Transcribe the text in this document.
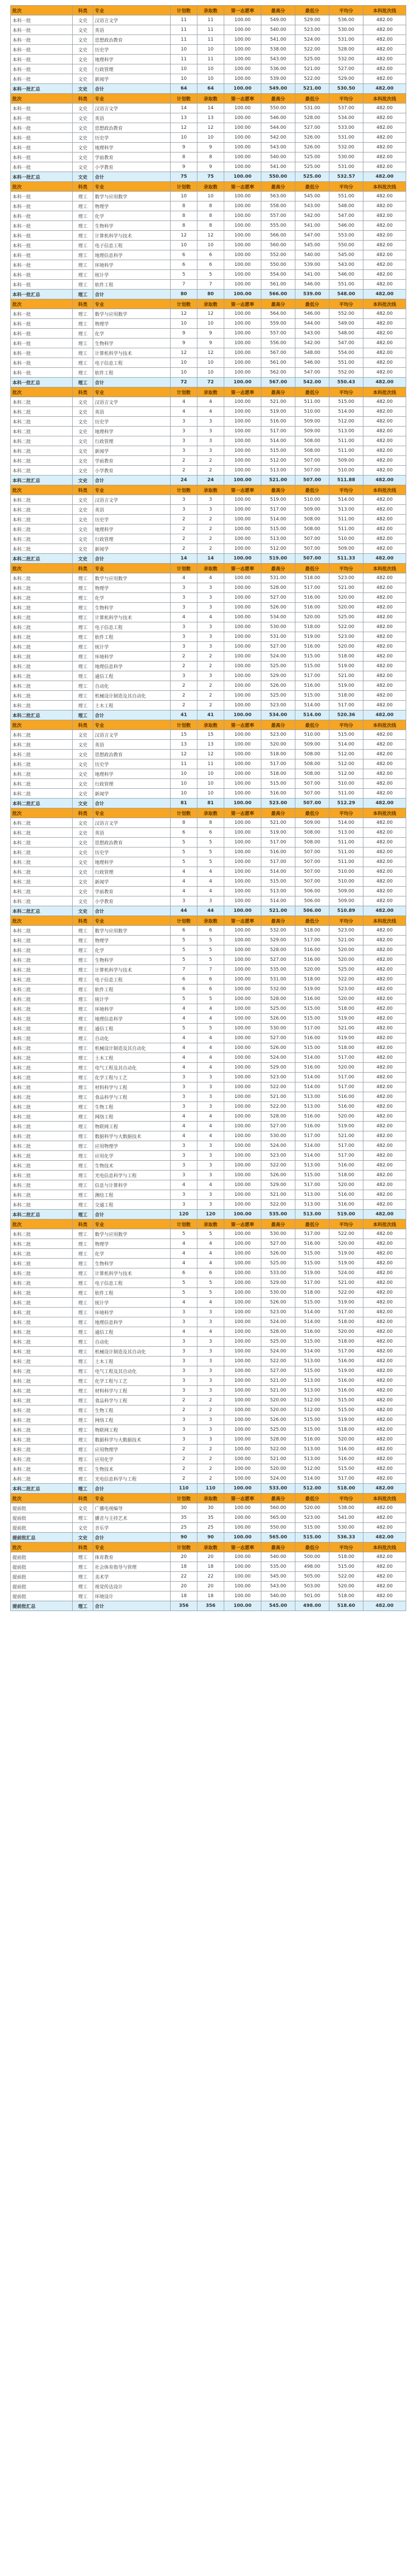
批次	科类	专业	计划数	录取数	第一志愿率	最高分	最低分	平均分	本科批次线
本科一批	文史	汉语言文学	11	11	100.00	549.00	529.00	536.00	482.00
本科一批	文史	英语	11	11	100.00	540.00	523.00	530.00	482.00
本科一批	文史	思想政治教育	11	11	100.00	541.00	524.00	531.00	482.00
本科一批	文史	历史学	10	10	100.00	538.00	522.00	528.00	482.00
本科一批	文史	地理科学	11	11	100.00	543.00	525.00	532.00	482.00
本科一批	文史	行政管理	10	10	100.00	536.00	521.00	527.00	482.00
本科一批	文史	新闻学	10	10	100.00	539.00	522.00	529.00	482.00
本科一批汇总	文史	合计	64	64	100.00	549.00	521.00	530.50	482.00
批次	科类	专业	计划数	录取数	第一志愿率	最高分	最低分	平均分	本科批次线
本科一批	文史	汉语言文学	14	14	100.00	550.00	531.00	537.00	482.00
本科一批	文史	英语	13	13	100.00	546.00	528.00	534.00	482.00
本科一批	文史	思想政治教育	12	12	100.00	544.00	527.00	533.00	482.00
本科一批	文史	历史学	10	10	100.00	542.00	526.00	531.00	482.00
本科一批	文史	地理科学	9	9	100.00	543.00	526.00	532.00	482.00
本科一批	文史	学前教育	8	8	100.00	540.00	525.00	530.00	482.00
本科一批	文史	小学教育	9	9	100.00	541.00	525.00	531.00	482.00
本科一批汇总	文史	合计	75	75	100.00	550.00	525.00	532.57	482.00
批次	科类	专业	计划数	录取数	第一志愿率	最高分	最低分	平均分	本科批次线
本科一批	理工	数学与应用数学	10	10	100.00	563.00	545.00	551.00	482.00
本科一批	理工	物理学	8	8	100.00	558.00	543.00	548.00	482.00
本科一批	理工	化学	8	8	100.00	557.00	542.00	547.00	482.00
本科一批	理工	生物科学	8	8	100.00	555.00	541.00	546.00	482.00
本科一批	理工	计算机科学与技术	12	12	100.00	566.00	547.00	553.00	482.00
本科一批	理工	电子信息工程	10	10	100.00	560.00	545.00	550.00	482.00
本科一批	理工	地理信息科学	6	6	100.00	552.00	540.00	545.00	482.00
本科一批	理工	环境科学	6	6	100.00	550.00	539.00	543.00	482.00
本科一批	理工	统计学	5	5	100.00	554.00	541.00	546.00	482.00
本科一批	理工	软件工程	7	7	100.00	561.00	546.00	551.00	482.00
本科一批汇总	理工	合计	80	80	100.00	566.00	539.00	548.00	482.00
批次	科类	专业	计划数	录取数	第一志愿率	最高分	最低分	平均分	本科批次线
本科一批	理工	数学与应用数学	12	12	100.00	564.00	546.00	552.00	482.00
本科一批	理工	物理学	10	10	100.00	559.00	544.00	549.00	482.00
本科一批	理工	化学	9	9	100.00	557.00	543.00	548.00	482.00
本科一批	理工	生物科学	9	9	100.00	556.00	542.00	547.00	482.00
本科一批	理工	计算机科学与技术	12	12	100.00	567.00	548.00	554.00	482.00
本科一批	理工	电子信息工程	10	10	100.00	561.00	546.00	551.00	482.00
本科一批	理工	软件工程	10	10	100.00	562.00	547.00	552.00	482.00
本科一批汇总	理工	合计	72	72	100.00	567.00	542.00	550.43	482.00
批次	科类	专业	计划数	录取数	第一志愿率	最高分	最低分	平均分	本科批次线
本科二批	文史	汉语言文学	4	4	100.00	521.00	511.00	515.00	482.00
本科二批	文史	英语	4	4	100.00	519.00	510.00	514.00	482.00
本科二批	文史	历史学	3	3	100.00	516.00	509.00	512.00	482.00
本科二批	文史	地理科学	3	3	100.00	517.00	509.00	513.00	482.00
本科二批	文史	行政管理	3	3	100.00	514.00	508.00	511.00	482.00
本科二批	文史	新闻学	3	3	100.00	515.00	508.00	511.00	482.00
本科二批	文史	学前教育	2	2	100.00	512.00	507.00	509.00	482.00
本科二批	文史	小学教育	2	2	100.00	513.00	507.00	510.00	482.00
本科二批汇总	文史	合计	24	24	100.00	521.00	507.00	511.88	482.00
批次	科类	专业	计划数	录取数	第一志愿率	最高分	最低分	平均分	本科批次线
本科二批	文史	汉语言文学	3	3	100.00	519.00	510.00	514.00	482.00
本科二批	文史	英语	3	3	100.00	517.00	509.00	513.00	482.00
本科二批	文史	历史学	2	2	100.00	514.00	508.00	511.00	482.00
本科二批	文史	地理科学	2	2	100.00	515.00	508.00	511.00	482.00
本科二批	文史	行政管理	2	2	100.00	513.00	507.00	510.00	482.00
本科二批	文史	新闻学	2	2	100.00	512.00	507.00	509.00	482.00
本科二批汇总	文史	合计	14	14	100.00	519.00	507.00	511.33	482.00
批次	科类	专业	计划数	录取数	第一志愿率	最高分	最低分	平均分	本科批次线
本科二批	理工	数学与应用数学	4	4	100.00	531.00	518.00	523.00	482.00
本科二批	理工	物理学	3	3	100.00	528.00	517.00	521.00	482.00
本科二批	理工	化学	3	3	100.00	527.00	516.00	520.00	482.00
本科二批	理工	生物科学	3	3	100.00	526.00	516.00	520.00	482.00
本科二批	理工	计算机科学与技术	4	4	100.00	534.00	520.00	525.00	482.00
本科二批	理工	电子信息工程	3	3	100.00	530.00	518.00	522.00	482.00
本科二批	理工	软件工程	3	3	100.00	531.00	519.00	523.00	482.00
本科二批	理工	统计学	3	3	100.00	527.00	516.00	520.00	482.00
本科二批	理工	环境科学	2	2	100.00	524.00	515.00	518.00	482.00
本科二批	理工	地理信息科学	2	2	100.00	525.00	515.00	519.00	482.00
本科二批	理工	通信工程	3	3	100.00	529.00	517.00	521.00	482.00
本科二批	理工	自动化	2	2	100.00	526.00	516.00	519.00	482.00
本科二批	理工	机械设计制造及其自动化	2	2	100.00	525.00	515.00	518.00	482.00
本科二批	理工	土木工程	2	2	100.00	523.00	514.00	517.00	482.00
本科二批汇总	理工	合计	41	41	100.00	534.00	514.00	520.36	482.00
批次	科类	专业	计划数	录取数	第一志愿率	最高分	最低分	平均分	本科批次线
本科二批	文史	汉语言文学	15	15	100.00	523.00	510.00	515.00	482.00
本科二批	文史	英语	13	13	100.00	520.00	509.00	514.00	482.00
本科二批	文史	思想政治教育	12	12	100.00	518.00	508.00	512.00	482.00
本科二批	文史	历史学	11	11	100.00	517.00	508.00	512.00	482.00
本科二批	文史	地理科学	10	10	100.00	518.00	508.00	512.00	482.00
本科二批	文史	行政管理	10	10	100.00	515.00	507.00	510.00	482.00
本科二批	文史	新闻学	10	10	100.00	516.00	507.00	511.00	482.00
本科二批汇总	文史	合计	81	81	100.00	523.00	507.00	512.29	482.00
批次	科类	专业	计划数	录取数	第一志愿率	最高分	最低分	平均分	本科批次线
本科二批	文史	汉语言文学	8	8	100.00	521.00	509.00	514.00	482.00
本科二批	文史	英语	6	6	100.00	519.00	508.00	513.00	482.00
本科二批	文史	思想政治教育	5	5	100.00	517.00	508.00	511.00	482.00
本科二批	文史	历史学	5	5	100.00	516.00	507.00	511.00	482.00
本科二批	文史	地理科学	5	5	100.00	517.00	507.00	511.00	482.00
本科二批	文史	行政管理	4	4	100.00	514.00	507.00	510.00	482.00
本科二批	文史	新闻学	4	4	100.00	515.00	507.00	510.00	482.00
本科二批	文史	学前教育	4	4	100.00	513.00	506.00	509.00	482.00
本科二批	文史	小学教育	3	3	100.00	514.00	506.00	509.00	482.00
本科二批汇总	文史	合计	44	44	100.00	521.00	506.00	510.89	482.00
批次	科类	专业	计划数	录取数	第一志愿率	最高分	最低分	平均分	本科批次线
本科二批	理工	数学与应用数学	6	6	100.00	532.00	518.00	523.00	482.00
本科二批	理工	物理学	5	5	100.00	529.00	517.00	521.00	482.00
本科二批	理工	化学	5	5	100.00	528.00	516.00	520.00	482.00
本科二批	理工	生物科学	5	5	100.00	527.00	516.00	520.00	482.00
本科二批	理工	计算机科学与技术	7	7	100.00	535.00	520.00	525.00	482.00
本科二批	理工	电子信息工程	6	6	100.00	531.00	518.00	522.00	482.00
本科二批	理工	软件工程	6	6	100.00	532.00	519.00	523.00	482.00
本科二批	理工	统计学	5	5	100.00	528.00	516.00	520.00	482.00
本科二批	理工	环境科学	4	4	100.00	525.00	515.00	518.00	482.00
本科二批	理工	地理信息科学	4	4	100.00	526.00	515.00	519.00	482.00
本科二批	理工	通信工程	5	5	100.00	530.00	517.00	521.00	482.00
本科二批	理工	自动化	4	4	100.00	527.00	516.00	519.00	482.00
本科二批	理工	机械设计制造及其自动化	4	4	100.00	526.00	515.00	518.00	482.00
本科二批	理工	土木工程	4	4	100.00	524.00	514.00	517.00	482.00
本科二批	理工	电气工程及其自动化	4	4	100.00	529.00	516.00	520.00	482.00
本科二批	理工	化学工程与工艺	3	3	100.00	523.00	514.00	517.00	482.00
本科二批	理工	材料科学与工程	3	3	100.00	522.00	514.00	517.00	482.00
本科二批	理工	食品科学与工程	3	3	100.00	521.00	513.00	516.00	482.00
本科二批	理工	生物工程	3	3	100.00	522.00	513.00	516.00	482.00
本科二批	理工	网络工程	4	4	100.00	528.00	516.00	520.00	482.00
本科二批	理工	物联网工程	4	4	100.00	527.00	516.00	519.00	482.00
本科二批	理工	数据科学与大数据技术	4	4	100.00	530.00	517.00	521.00	482.00
本科二批	理工	应用物理学	3	3	100.00	524.00	514.00	517.00	482.00
本科二批	理工	应用化学	3	3	100.00	523.00	514.00	517.00	482.00
本科二批	理工	生物技术	3	3	100.00	522.00	513.00	516.00	482.00
本科二批	理工	光电信息科学与工程	3	3	100.00	526.00	515.00	518.00	482.00
本科二批	理工	信息与计算科学	4	4	100.00	529.00	517.00	520.00	482.00
本科二批	理工	测绘工程	3	3	100.00	521.00	513.00	516.00	482.00
本科二批	理工	交通工程	3	3	100.00	522.00	513.00	516.00	482.00
本科二批汇总	理工	合计	120	120	100.00	535.00	513.00	519.00	482.00
批次	科类	专业	计划数	录取数	第一志愿率	最高分	最低分	平均分	本科批次线
本科二批	理工	数学与应用数学	5	5	100.00	530.00	517.00	522.00	482.00
本科二批	理工	物理学	4	4	100.00	527.00	516.00	520.00	482.00
本科二批	理工	化学	4	4	100.00	526.00	515.00	519.00	482.00
本科二批	理工	生物科学	4	4	100.00	525.00	515.00	519.00	482.00
本科二批	理工	计算机科学与技术	6	6	100.00	533.00	519.00	524.00	482.00
本科二批	理工	电子信息工程	5	5	100.00	529.00	517.00	521.00	482.00
本科二批	理工	软件工程	5	5	100.00	530.00	518.00	522.00	482.00
本科二批	理工	统计学	4	4	100.00	526.00	515.00	519.00	482.00
本科二批	理工	环境科学	3	3	100.00	523.00	514.00	517.00	482.00
本科二批	理工	地理信息科学	3	3	100.00	524.00	514.00	518.00	482.00
本科二批	理工	通信工程	4	4	100.00	528.00	516.00	520.00	482.00
本科二批	理工	自动化	3	3	100.00	525.00	515.00	518.00	482.00
本科二批	理工	机械设计制造及其自动化	3	3	100.00	524.00	514.00	517.00	482.00
本科二批	理工	土木工程	3	3	100.00	522.00	513.00	516.00	482.00
本科二批	理工	电气工程及其自动化	3	3	100.00	527.00	515.00	519.00	482.00
本科二批	理工	化学工程与工艺	3	3	100.00	521.00	513.00	516.00	482.00
本科二批	理工	材料科学与工程	3	3	100.00	521.00	513.00	516.00	482.00
本科二批	理工	食品科学与工程	2	2	100.00	520.00	512.00	515.00	482.00
本科二批	理工	生物工程	2	2	100.00	520.00	512.00	515.00	482.00
本科二批	理工	网络工程	3	3	100.00	526.00	515.00	519.00	482.00
本科二批	理工	物联网工程	3	3	100.00	525.00	515.00	518.00	482.00
本科二批	理工	数据科学与大数据技术	3	3	100.00	528.00	516.00	520.00	482.00
本科二批	理工	应用物理学	2	2	100.00	522.00	513.00	516.00	482.00
本科二批	理工	应用化学	2	2	100.00	521.00	513.00	516.00	482.00
本科二批	理工	生物技术	2	2	100.00	520.00	512.00	515.00	482.00
本科二批	理工	光电信息科学与工程	2	2	100.00	524.00	514.00	517.00	482.00
本科二批汇总	理工	合计	110	110	100.00	533.00	512.00	518.00	482.00
批次	科类	专业	计划数	录取数	第一志愿率	最高分	最低分	平均分	本科批次线
提前批	文史	广播电视编导	30	30	100.00	560.00	520.00	538.00	482.00
提前批	理工	播音与主持艺术	35	35	100.00	565.00	523.00	541.00	482.00
提前批	文史	音乐学	25	25	100.00	550.00	515.00	530.00	482.00
提前批汇总	文史	合计	90	90	100.00	565.00	515.00	536.33	482.00
批次	科类	专业	计划数	录取数	第一志愿率	最高分	最低分	平均分	本科批次线
提前批	理工	体育教育	20	20	100.00	540.00	500.00	518.00	482.00
提前批	理工	社会体育指导与管理	18	18	100.00	535.00	498.00	515.00	482.00
提前批	理工	美术学	22	22	100.00	545.00	505.00	522.00	482.00
提前批	理工	视觉传达设计	20	20	100.00	543.00	503.00	520.00	482.00
提前批	理工	环境设计	18	18	100.00	540.00	501.00	518.00	482.00
提前批汇总	理工	合计	356	356	100.00	545.00	498.00	518.60	482.00
